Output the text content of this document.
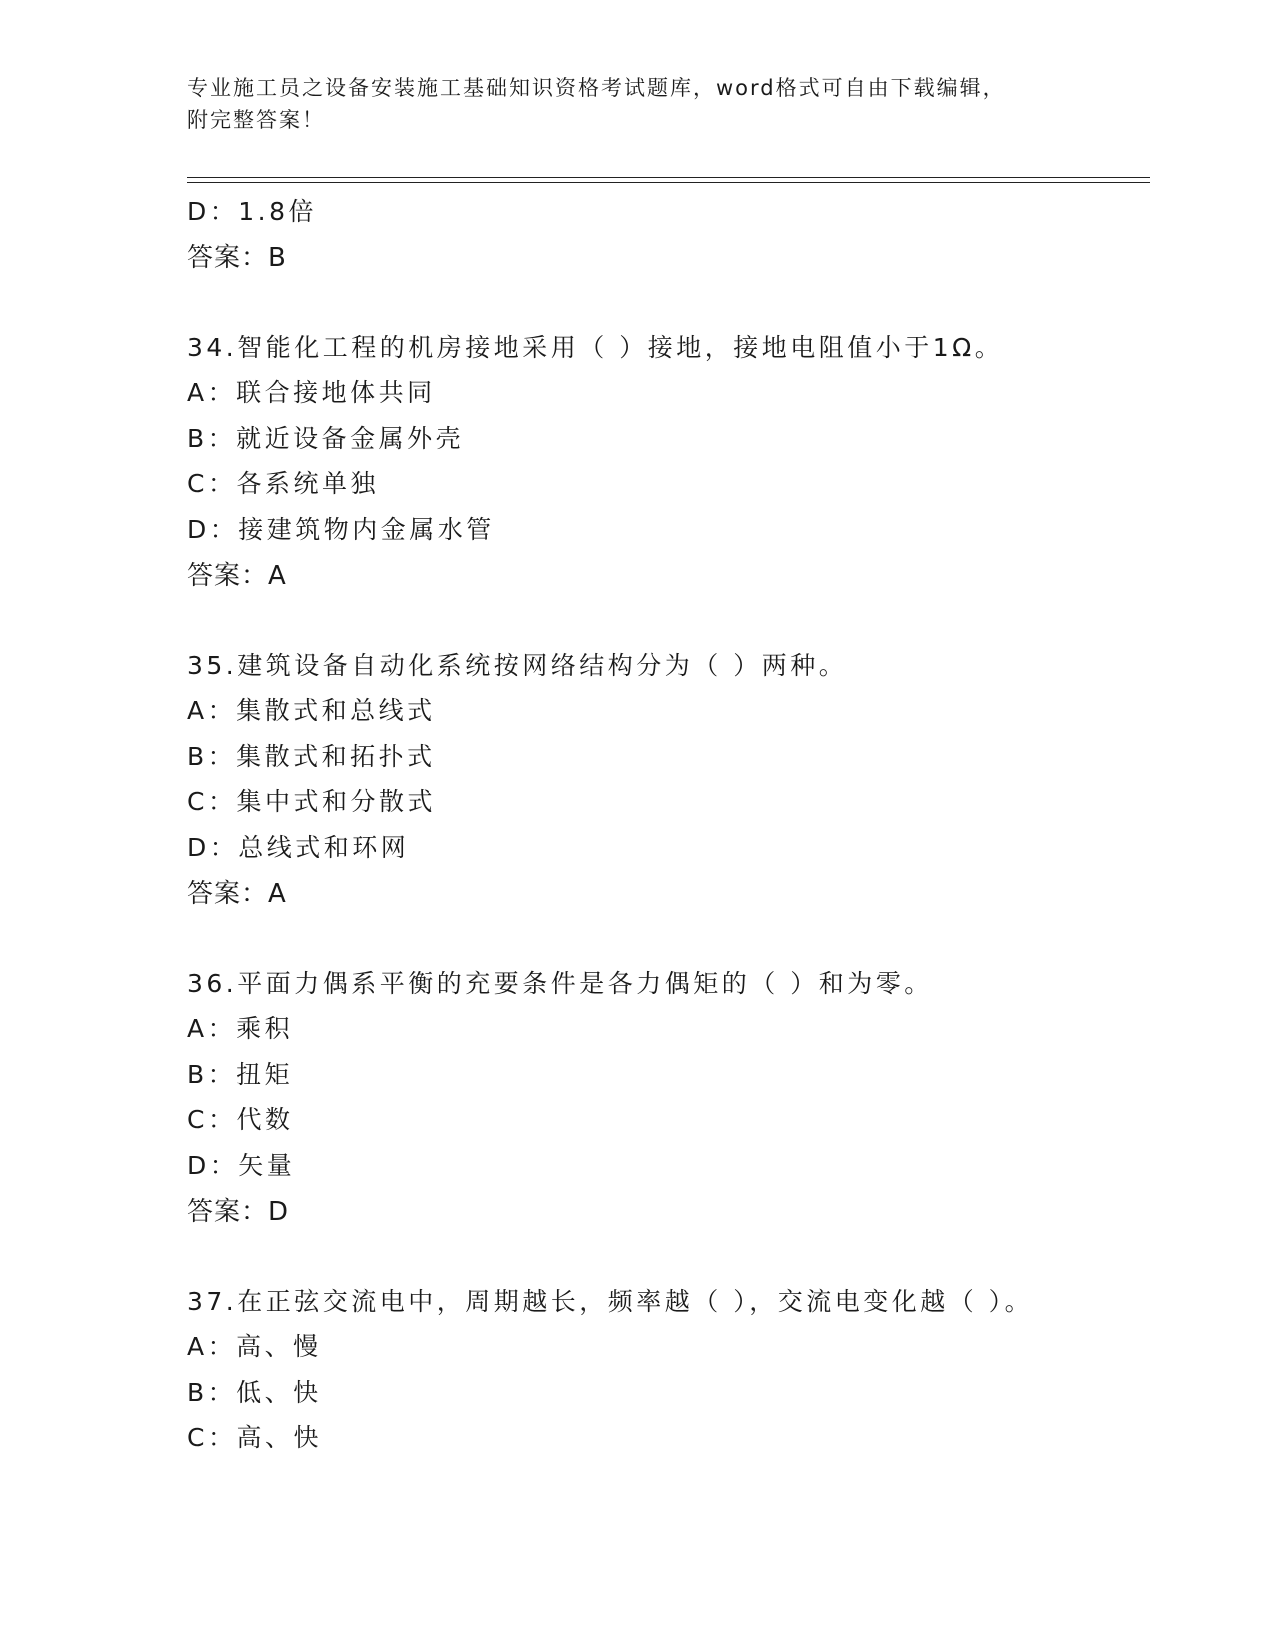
专业施工员之设备安装施工基础知识资格考试题库，word格式可自由下载编辑，
附完整答案！
D：1.8倍
答案：B
34.智能化工程的机房接地采用（ ）接地，接地电阻值小于1Ω。
A：联合接地体共同
B：就近设备金属外壳
C：各系统单独
D：接建筑物内金属水管
答案：A
35.建筑设备自动化系统按网络结构分为（ ）两种。
A：集散式和总线式
B：集散式和拓扑式
C：集中式和分散式
D：总线式和环网
答案：A
36.平面力偶系平衡的充要条件是各力偶矩的（ ）和为零。
A：乘积
B：扭矩
C：代数
D：矢量
答案：D
37.在正弦交流电中，周期越长，频率越（ ），交流电变化越（ ）。
A：高、慢
B：低、快
C：高、快
